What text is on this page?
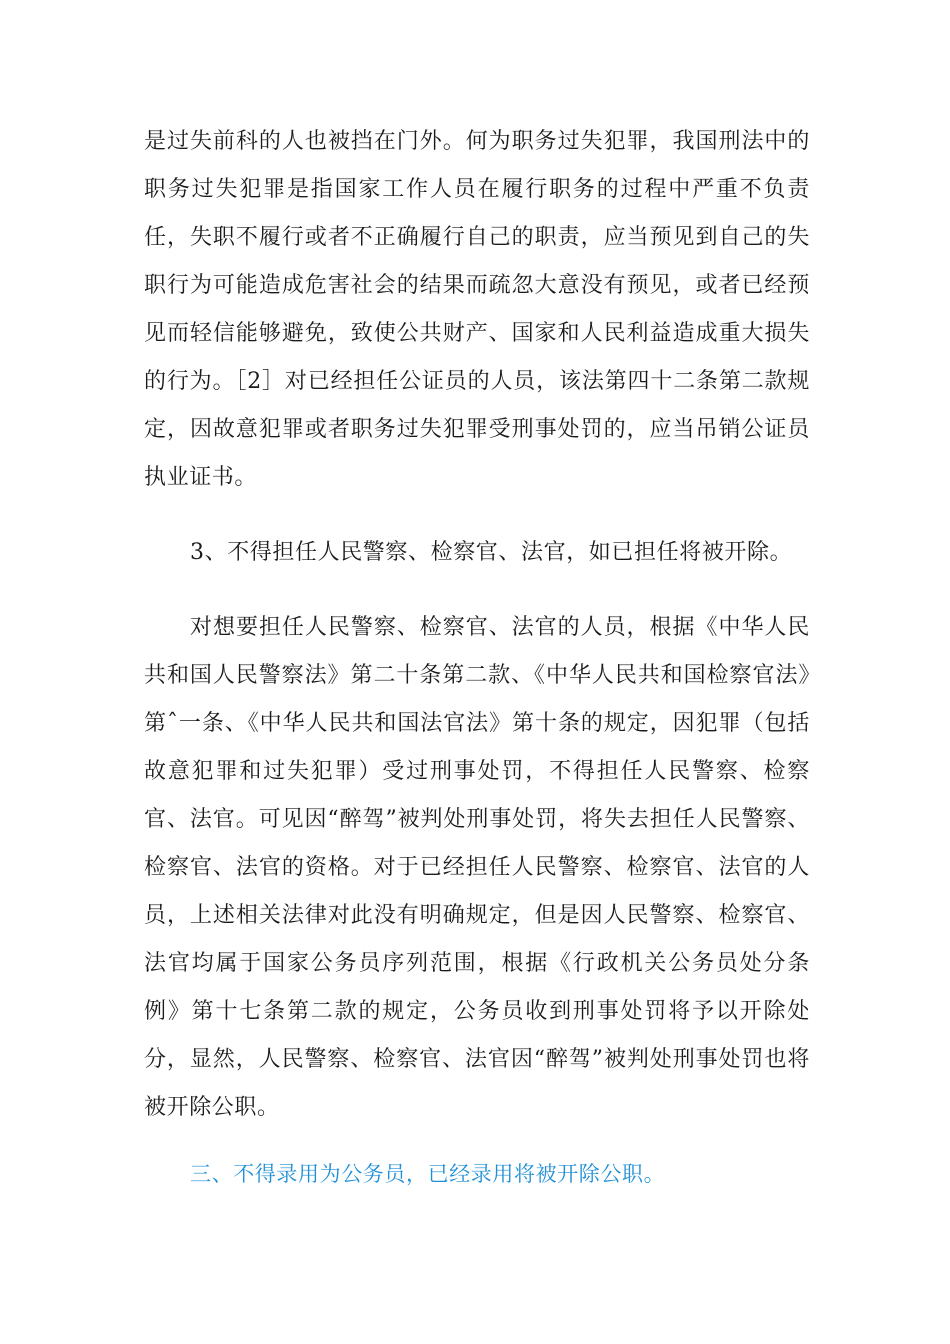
是过失前科的人也被挡在门外。何为职务过失犯罪，我国刑法中的职务过失犯罪是指国家工作人员在履行职务的过程中严重不负责任，失职不履行或者不正确履行自己的职责，应当预见到自己的失职行为可能造成危害社会的结果而疏忽大意没有预见，或者已经预见而轻信能够避免，致使公共财产、国家和人民利益造成重大损失的行为。［2］对已经担任公证员的人员，该法第四十二条第二款规定，因故意犯罪或者职务过失犯罪受刑事处罚的，应当吊销公证员执业证书。

3、不得担任人民警察、检察官、法官，如已担任将被开除。

对想要担任人民警察、检察官、法官的人员，根据《中华人民共和国人民警察法》第二十条第二款、《中华人民共和国检察官法》第ˆ一条、《中华人民共和国法官法》第十条的规定，因犯罪（包括故意犯罪和过失犯罪）受过刑事处罚，不得担任人民警察、检察官、法官。可见因“醉驾”被判处刑事处罚，将失去担任人民警察、检察官、法官的资格。对于已经担任人民警察、检察官、法官的人员，上述相关法律对此没有明确规定，但是因人民警察、检察官、法官均属于国家公务员序列范围，根据《行政机关公务员处分条例》第十七条第二款的规定，公务员收到刑事处罚将予以开除处分，显然，人民警察、检察官、法官因“醉驾”被判处刑事处罚也将被开除公职。

三、不得录用为公务员，已经录用将被开除公职。
